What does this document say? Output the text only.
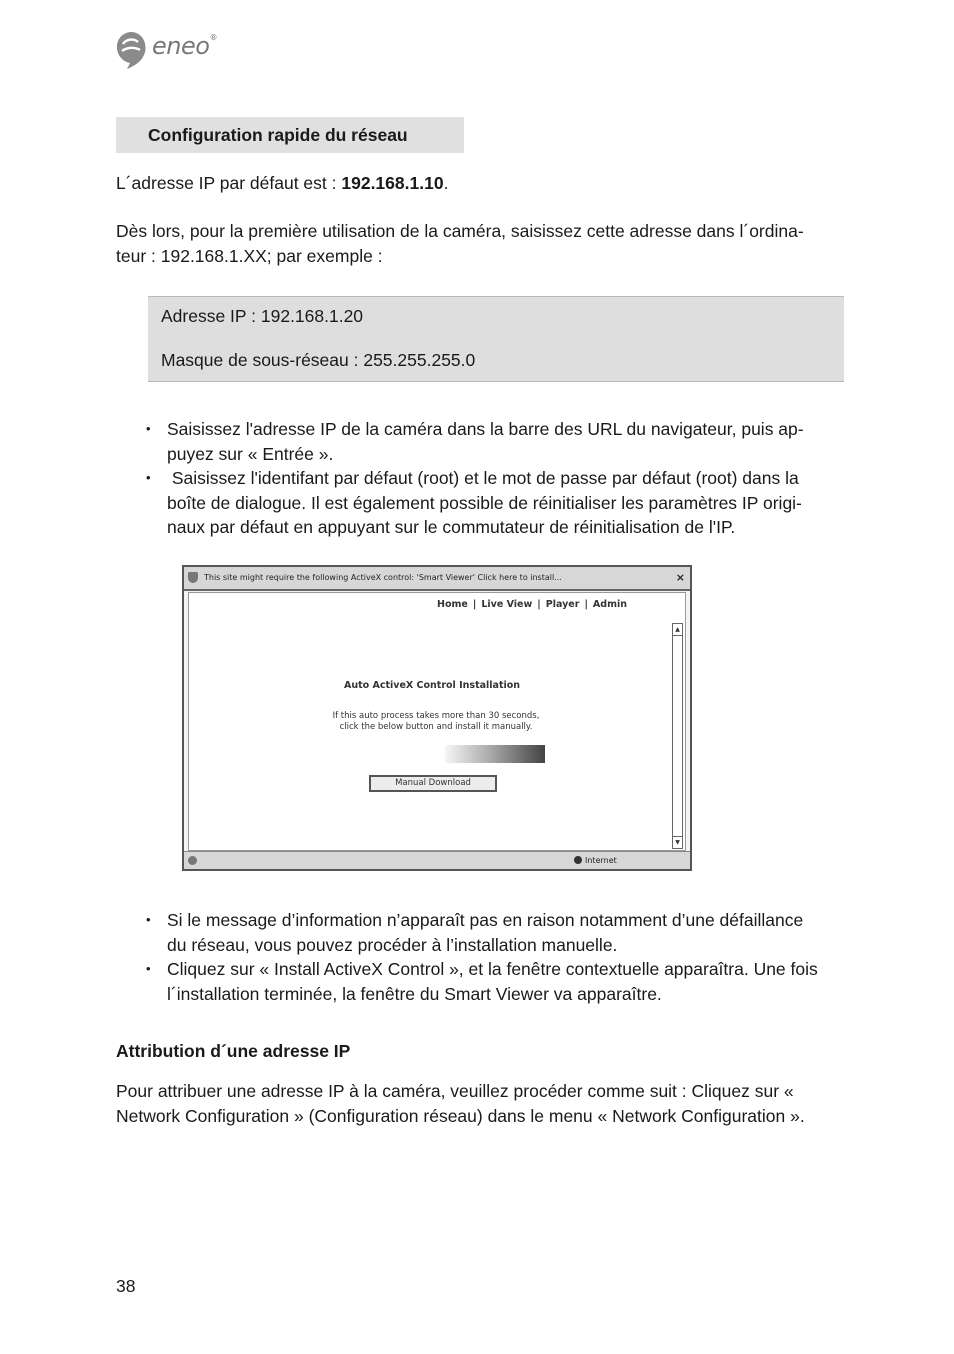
eneo®
Configuration rapide du réseau
L´adresse IP par défaut est : 192.168.1.10.
Dès lors, pour la première utilisation de la caméra, saisissez cette adresse dans l´ordina-
teur : 192.168.1.XX; par exemple :
Adresse IP : 192.168.1.20
Masque de sous-réseau : 255.255.255.0
• Saisissez l'adresse IP de la caméra dans la barre des URL du navigateur, puis ap-
puyez sur « Entrée ».
•  Saisissez l'identifant par défaut (root) et le mot de passe par défaut (root) dans la
boîte de dialogue. Il est également possible de réinitialiser les paramètres IP origi-
naux par défaut en appuyant sur le commutateur de réinitialisation de l'IP.
This site might require the following ActiveX control: 'Smart Viewer' Click here to install...	×
Home | Live View | Player | Admin
Auto ActiveX Control Installation
If this auto process takes more than 30 seconds,
click the below button and install it manually.
Manual Download
▲
▼
Internet
• Si le message d’information n’apparaît pas en raison notamment d’une défaillance
du réseau, vous pouvez procéder à l’installation manuelle.
• Cliquez sur « Install ActiveX Control », et la fenêtre contextuelle apparaîtra. Une fois
l´installation terminée, la fenêtre du Smart Viewer va apparaître.
Attribution d´une adresse IP
Pour attribuer une adresse IP à la caméra, veuillez procéder comme suit : Cliquez sur «
Network Configuration » (Configuration réseau) dans le menu « Network Configuration ».
38
